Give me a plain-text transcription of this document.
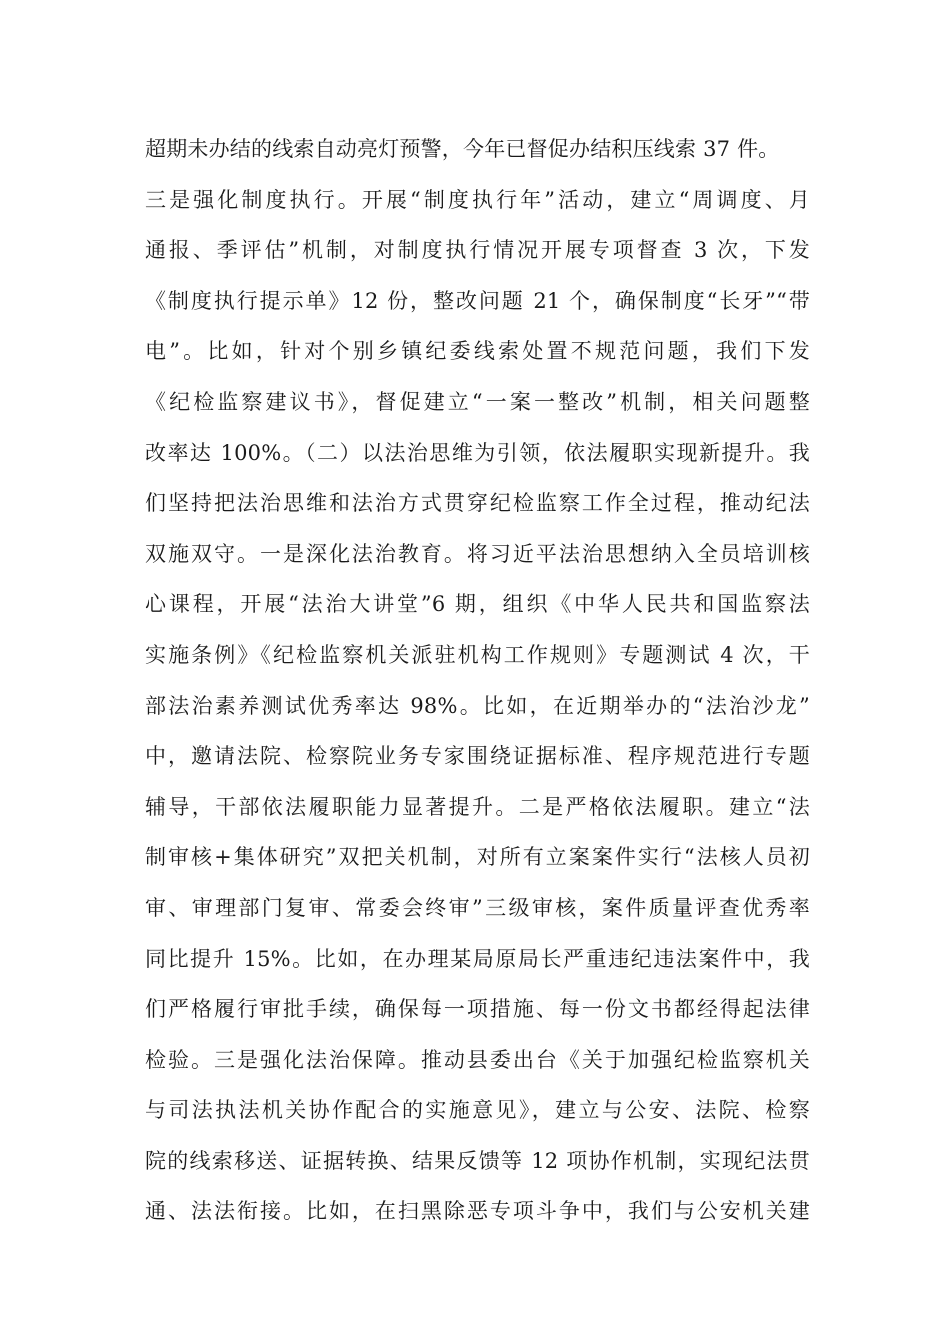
超期未办结的线索自动亮灯预警，今年已督促办结积压线索 37 件。
三是强化制度执行。开展“制度执行年”活动，建立“周调度、月
通报、季评估”机制，对制度执行情况开展专项督查 3 次，下发
《制度执行提示单》12 份，整改问题 21 个，确保制度“长牙”“带
电”。比如，针对个别乡镇纪委线索处置不规范问题，我们下发
《纪检监察建议书》，督促建立“一案一整改”机制，相关问题整
改率达 100%。（二）以法治思维为引领，依法履职实现新提升。我
们坚持把法治思维和法治方式贯穿纪检监察工作全过程，推动纪法
双施双守。一是深化法治教育。将习近平法治思想纳入全员培训核
心课程，开展“法治大讲堂”6 期，组织《中华人民共和国监察法
实施条例》《纪检监察机关派驻机构工作规则》专题测试 4 次，干
部法治素养测试优秀率达 98%。比如，在近期举办的“法治沙龙”
中，邀请法院、检察院业务专家围绕证据标准、程序规范进行专题
辅导，干部依法履职能力显著提升。二是严格依法履职。建立“法
制审核+集体研究”双把关机制，对所有立案案件实行“法核人员初
审、审理部门复审、常委会终审”三级审核，案件质量评查优秀率
同比提升 15%。比如，在办理某局原局长严重违纪违法案件中，我
们严格履行审批手续，确保每一项措施、每一份文书都经得起法律
检验。三是强化法治保障。推动县委出台《关于加强纪检监察机关
与司法执法机关协作配合的实施意见》，建立与公安、法院、检察
院的线索移送、证据转换、结果反馈等 12 项协作机制，实现纪法贯
通、法法衔接。比如，在扫黑除恶专项斗争中，我们与公安机关建
